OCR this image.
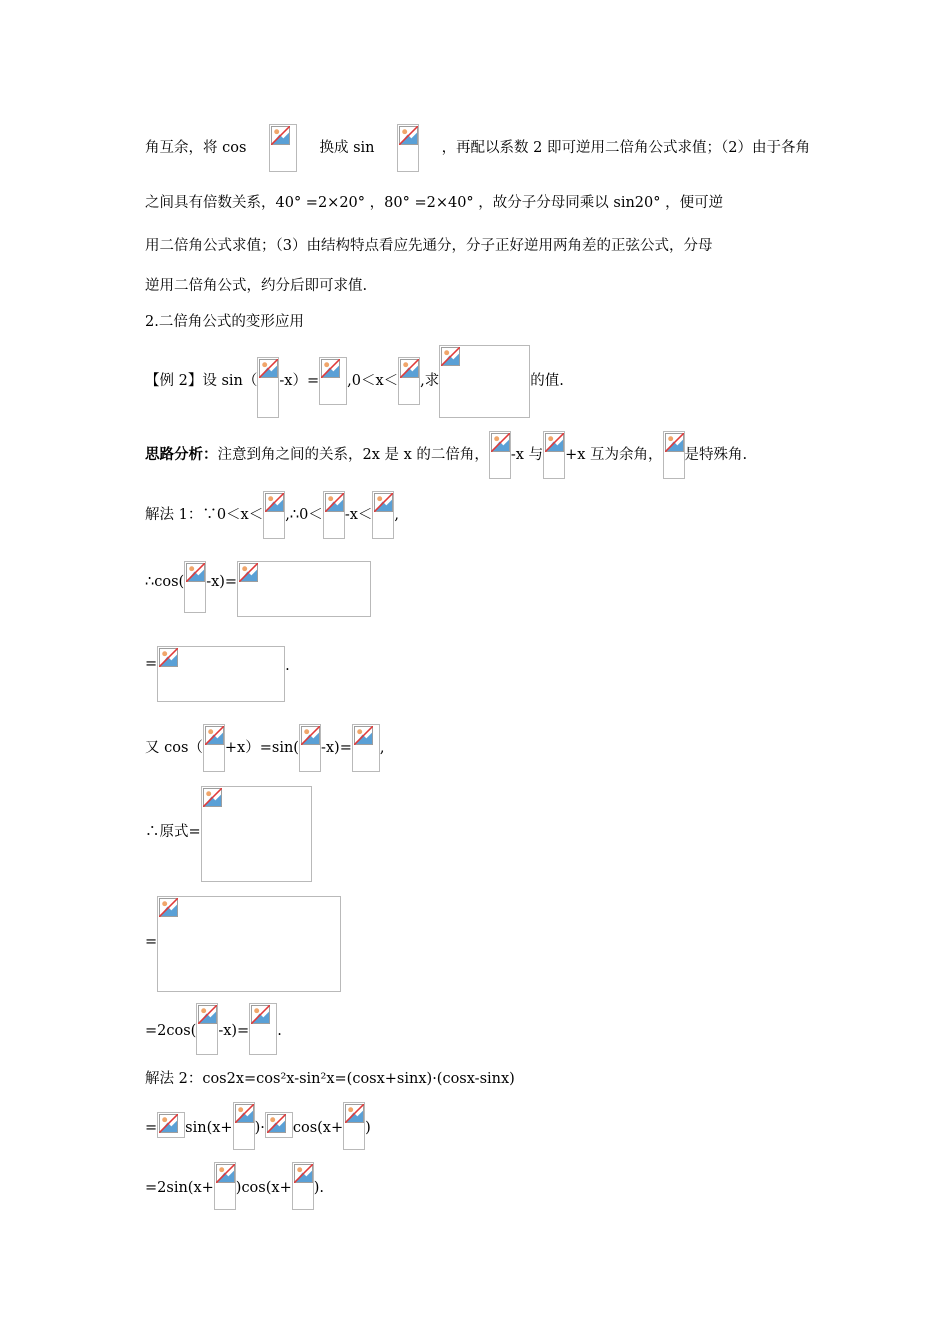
角互余，将 cos	换成 sin	，再配以系数 2 即可逆用二倍角公式求值；（2）由于各角
之间具有倍数关系，40° =2×20° ，80° =2×40° ，故分子分母同乘以 sin20° ，便可逆
用二倍角公式求值；（3）由结构特点看应先通分，分子正好逆用两角差的正弦公式，分母
逆用二倍角公式，约分后即可求值.
2.二倍角公式的变形应用
【例 2】设 sin（ -x）= ,0＜x＜ ,求	的值.
思路分析： 注意到角之间的关系，2x 是 x 的二倍角， -x 与 +x 互为余角， 是特殊角.
解法 1：∵0＜x＜ ,∴0＜ -x＜ ,
∴cos( -x)=
=	.
又 cos（ +x）=sin( -x)= ,
∴原式=
=
=2cos( -x)= .
解法 2：cos2x=cos²x-sin²x=(cosx+sinx)·(cosx-sinx)
= sin(x+ )· cos(x+ )
=2sin(x+ )cos(x+ ).
